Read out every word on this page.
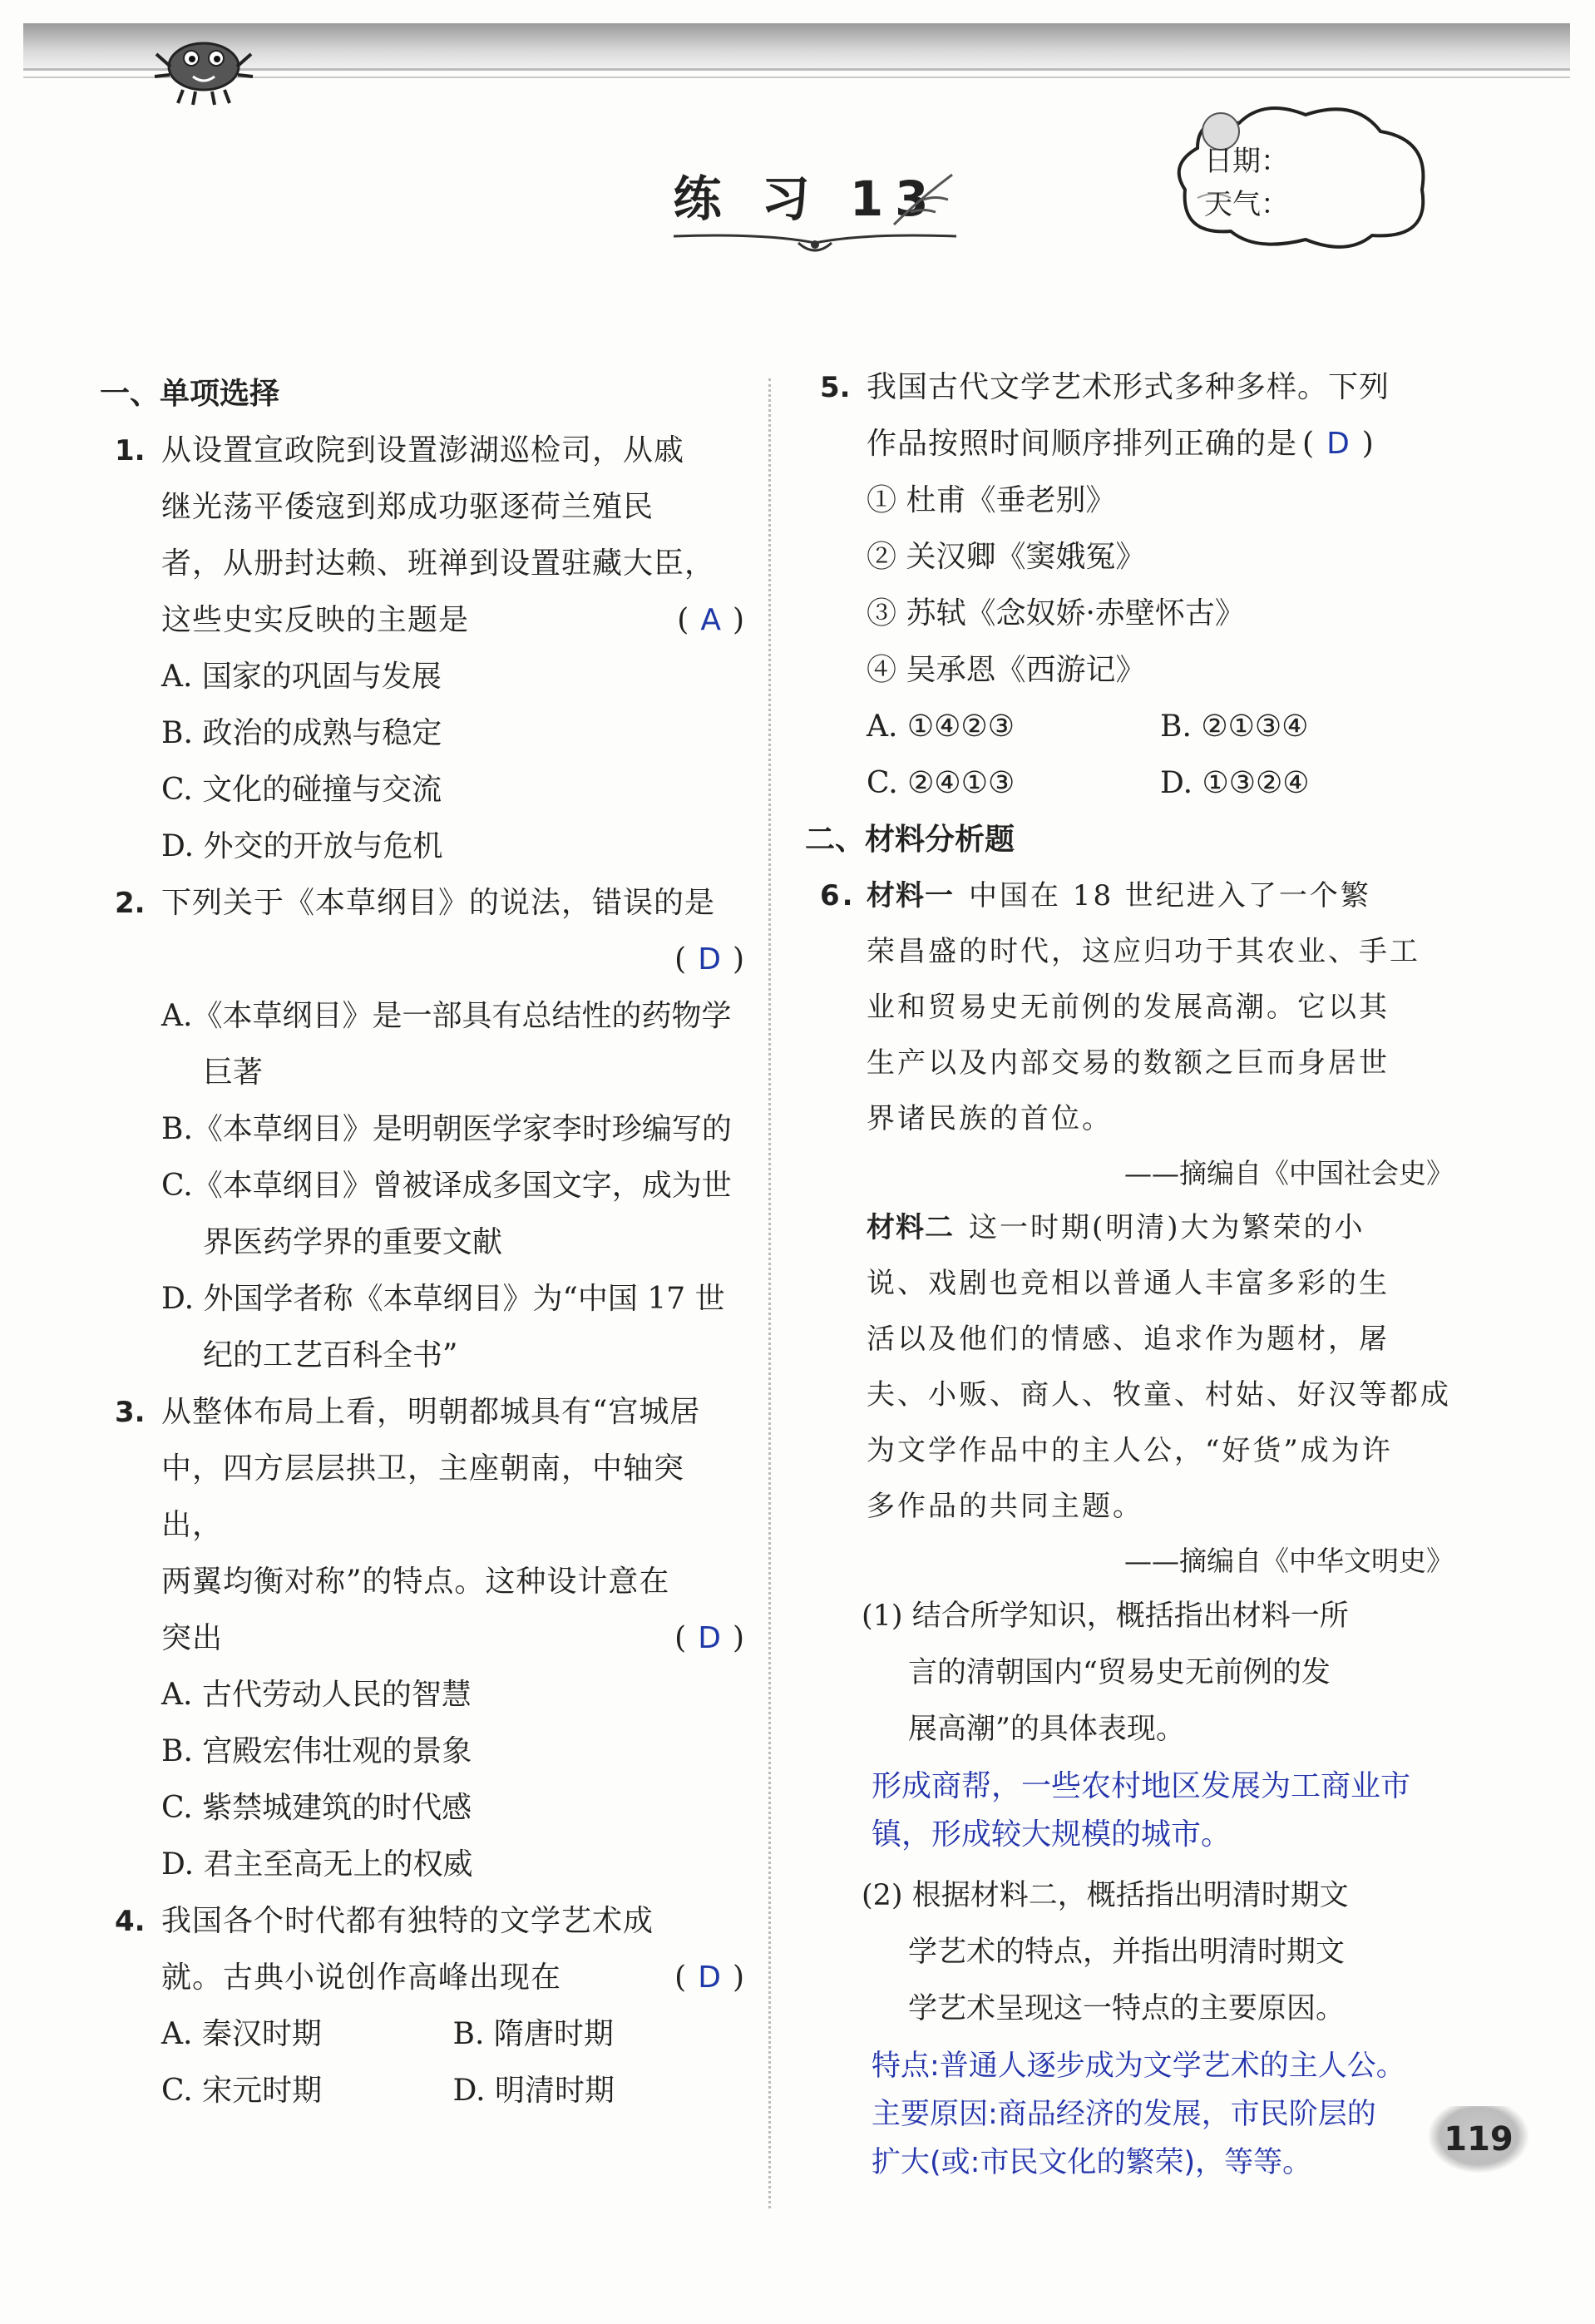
练 习 13
日期：
天气：
一、单项选择
1. 从设置宣政院到设置澎湖巡检司，从戚
继光荡平倭寇到郑成功驱逐荷兰殖民
者，从册封达赖、班禅到设置驻藏大臣，
这些史实反映的主题是	( A )
A. 国家的巩固与发展
B. 政治的成熟与稳定
C. 文化的碰撞与交流
D. 外交的开放与危机
2. 下列关于《本草纲目》的说法，错误的是
( D )
A.《本草纲目》是一部具有总结性的药物学巨著
B.《本草纲目》是明朝医学家李时珍编写的
C.《本草纲目》曾被译成多国文字，成为世界医药学界的重要文献
D. 外国学者称《本草纲目》为“中国 17 世纪的工艺百科全书”
3. 从整体布局上看，明朝都城具有“宫城居
中，四方层层拱卫，主座朝南，中轴突出，
两翼均衡对称”的特点。这种设计意在
突出	( D )
A. 古代劳动人民的智慧
B. 宫殿宏伟壮观的景象
C. 紫禁城建筑的时代感
D. 君主至高无上的权威
4. 我国各个时代都有独特的文学艺术成
就。古典小说创作高峰出现在	( D )
A. 秦汉时期	B. 隋唐时期
C. 宋元时期	D. 明清时期
5. 我国古代文学艺术形式多种多样。下列
作品按照时间顺序排列正确的是 ( D )
① 杜甫《垂老别》
② 关汉卿《窦娥冤》
③ 苏轼《念奴娇·赤壁怀古》
④ 吴承恩《西游记》
A. ①④②③	B. ②①③④
C. ②④①③	D. ①③②④
二、材料分析题
6. 材料一 中国在 18 世纪进入了一个繁
荣昌盛的时代，这应归功于其农业、手工
业和贸易史无前例的发展高潮。它以其
生产以及内部交易的数额之巨而身居世
界诸民族的首位。
——摘编自《中国社会史》
材料二 这一时期(明清)大为繁荣的小
说、戏剧也竞相以普通人丰富多彩的生
活以及他们的情感、追求作为题材，屠
夫、小贩、商人、牧童、村姑、好汉等都成
为文学作品中的主人公，“好货”成为许
多作品的共同主题。
——摘编自《中华文明史》
(1) 结合所学知识，概括指出材料一所
言的清朝国内“贸易史无前例的发
展高潮”的具体表现。
形成商帮，一些农村地区发展为工商业市
镇，形成较大规模的城市。
(2) 根据材料二，概括指出明清时期文
学艺术的特点，并指出明清时期文
学艺术呈现这一特点的主要原因。
特点:普通人逐步成为文学艺术的主人公。
主要原因:商品经济的发展，市民阶层的
扩大(或:市民文化的繁荣)，等等。
119
